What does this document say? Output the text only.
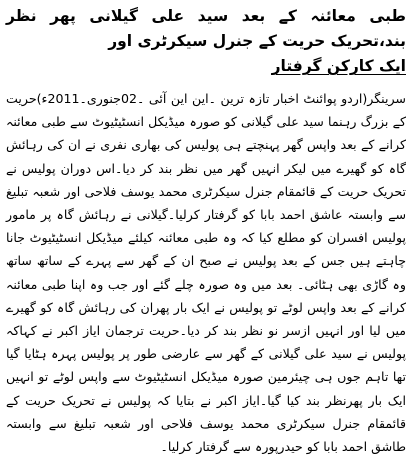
طبی معائنہ کے بعد سید علی گیلانی پھر نظر بند،تحریک حریت کے جنرل سیکرٹری اور
ایک کارکن گرفتار

سرینگر(اردو پوائنٹ اخبار تازہ ترین ۔این این آئی ۔02جنوری۔2011ء)حریت کے بزرگ رہنما سید علی گیلانی کو صورہ میڈیکل انسٹیٹیوٹ سے طبی معائنہ کرانے کے بعد واپس گھر پہنچتے ہی پولیس کی بھاری نفری نے ان کی رہائش گاہ کو گھیرے میں لیکر انہیں گھر میں نظر بند کر دیا۔اس دوران پولیس نے تحریک حریت کے قائمقام جنرل سیکرٹری محمد یوسف فلاحی اور شعبہ تبلیغ سے وابستہ عاشق احمد بابا کو گرفتار کرلیا۔گیلانی نے رہائش گاہ پر مامور پولیس افسران کو مطلع کیا کہ وہ طبی معائنہ کیلئے میڈیکل انسٹیٹیوٹ جانا چاہتے ہیں جس کے بعد پولیس نے صبح ان کے گھر سے پہرے کے ساتھ ساتھ وہ گاڑی بھی ہٹائی۔ بعد میں وہ صورہ چلے گئے اور جب وہ اپنا طبی معائنہ کرانے کے بعد واپس لوٹے تو پولیس نے ایک بار پھران کی رہائش گاہ کو گھیرے میں لیا اور انہیں ازسر نو نظر بند کر دیا۔حریت ترجمان ایاز اکبر نے کہاکہ پولیس نے سید علی گیلانی کے گھر سے عارضی طور پر پولیس پہرہ ہٹایا گیا تھا تاہم جوں ہی چیئرمین صورہ میڈیکل انسٹیٹیوٹ سے واپس لوٹے تو انہیں ایک بار پھرنظر بند کیا گیا۔ایاز اکبر نے بتایا کہ پولیس نے تحریک حریت کے قائمقام جنرل سیکرٹری محمد یوسف فلاحی اور شعبہ تبلیغ سے وابستہ طاشق احمد بابا کو حیدرپورہ سے گرفتار کرلیا۔
